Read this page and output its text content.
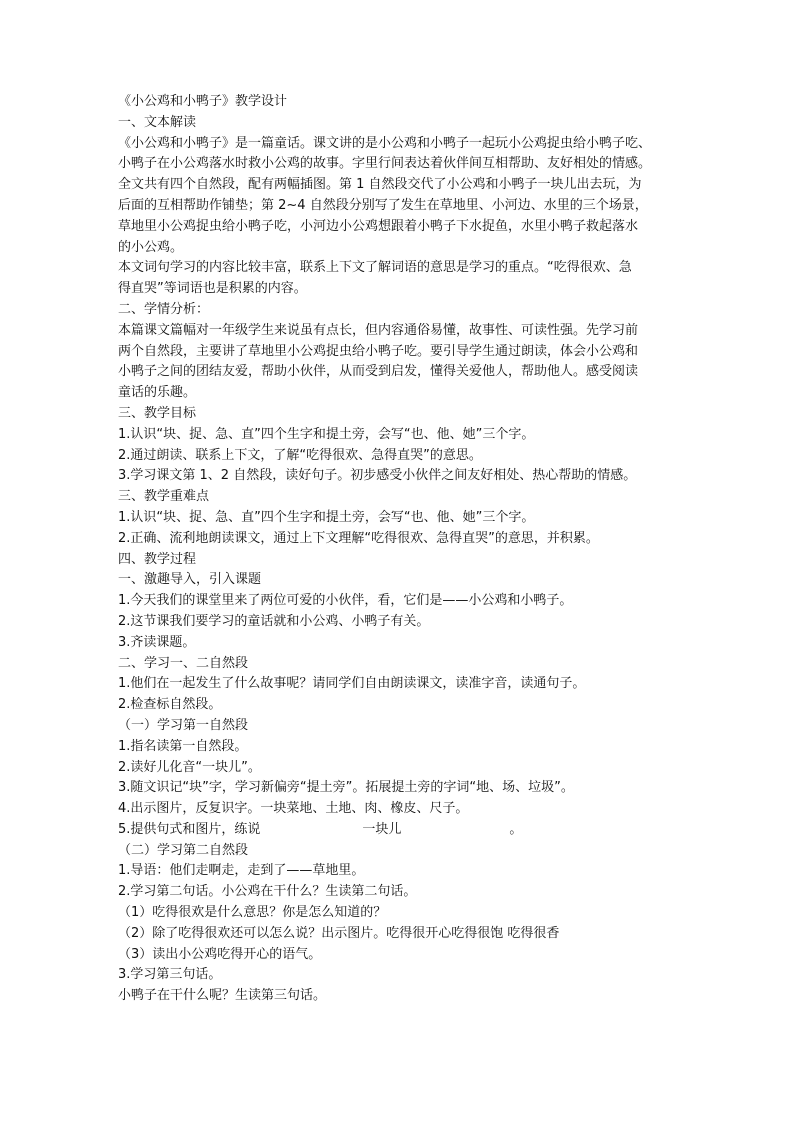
《小公鸡和小鸭子》教学设计
一、文本解读
《小公鸡和小鸭子》是一篇童话。课文讲的是小公鸡和小鸭子一起玩小公鸡捉虫给小鸭子吃、
小鸭子在小公鸡落水时救小公鸡的故事。字里行间表达着伙伴间互相帮助、友好相处的情感。
全文共有四个自然段，配有两幅插图。第 1 自然段交代了小公鸡和小鸭子一块儿出去玩，为
后面的互相帮助作铺垫；第 2~4 自然段分别写了发生在草地里、小河边、水里的三个场景，
草地里小公鸡捉虫给小鸭子吃，小河边小公鸡想跟着小鸭子下水捉鱼，水里小鸭子救起落水
的小公鸡。
本文词句学习的内容比较丰富，联系上下文了解词语的意思是学习的重点。“吃得很欢、急
得直哭”等词语也是积累的内容。
二、学情分析：
本篇课文篇幅对一年级学生来说虽有点长，但内容通俗易懂，故事性、可读性强。先学习前
两个自然段，主要讲了草地里小公鸡捉虫给小鸭子吃。要引导学生通过朗读，体会小公鸡和
小鸭子之间的团结友爱，帮助小伙伴，从而受到启发，懂得关爱他人，帮助他人。感受阅读
童话的乐趣。
三、教学目标
1.认识“块、捉、急、直”四个生字和提土旁，会写“也、他、她”三个字。
2.通过朗读、联系上下文，了解“吃得很欢、急得直哭”的意思。
3.学习课文第 1、2 自然段，读好句子。初步感受小伙伴之间友好相处、热心帮助的情感。
三、教学重难点
1.认识“块、捉、急、直”四个生字和提土旁，会写“也、他、她”三个字。
2.正确、流利地朗读课文，通过上下文理解“吃得很欢、急得直哭”的意思，并积累。
四、教学过程
一、激趣导入，引入课题
1.今天我们的课堂里来了两位可爱的小伙伴，看，它们是——小公鸡和小鸭子。
2.这节课我们要学习的童话就和小公鸡、小鸭子有关。
3.齐读课题。
二、学习一、二自然段
1.他们在一起发生了什么故事呢？请同学们自由朗读课文，读准字音，读通句子。
2.检查标自然段。
（一）学习第一自然段
1.指名读第一自然段。
2.读好儿化音“一块儿”。
3.随文识记“块”字，学习新偏旁“提土旁”。拓展提土旁的字词“地、场、垃圾”。
4.出示图片，反复识字。一块菜地、土地、肉、橡皮、尺子。
5.提供句式和图片，练说	一块儿	。
（二）学习第二自然段
1.导语：他们走啊走，走到了——草地里。
2.学习第二句话。小公鸡在干什么？生读第二句话。
（1）吃得很欢是什么意思？你是怎么知道的？
（2）除了吃得很欢还可以怎么说？出示图片。吃得很开心吃得很饱 吃得很香
（3）读出小公鸡吃得开心的语气。
3.学习第三句话。
小鸭子在干什么呢？生读第三句话。
